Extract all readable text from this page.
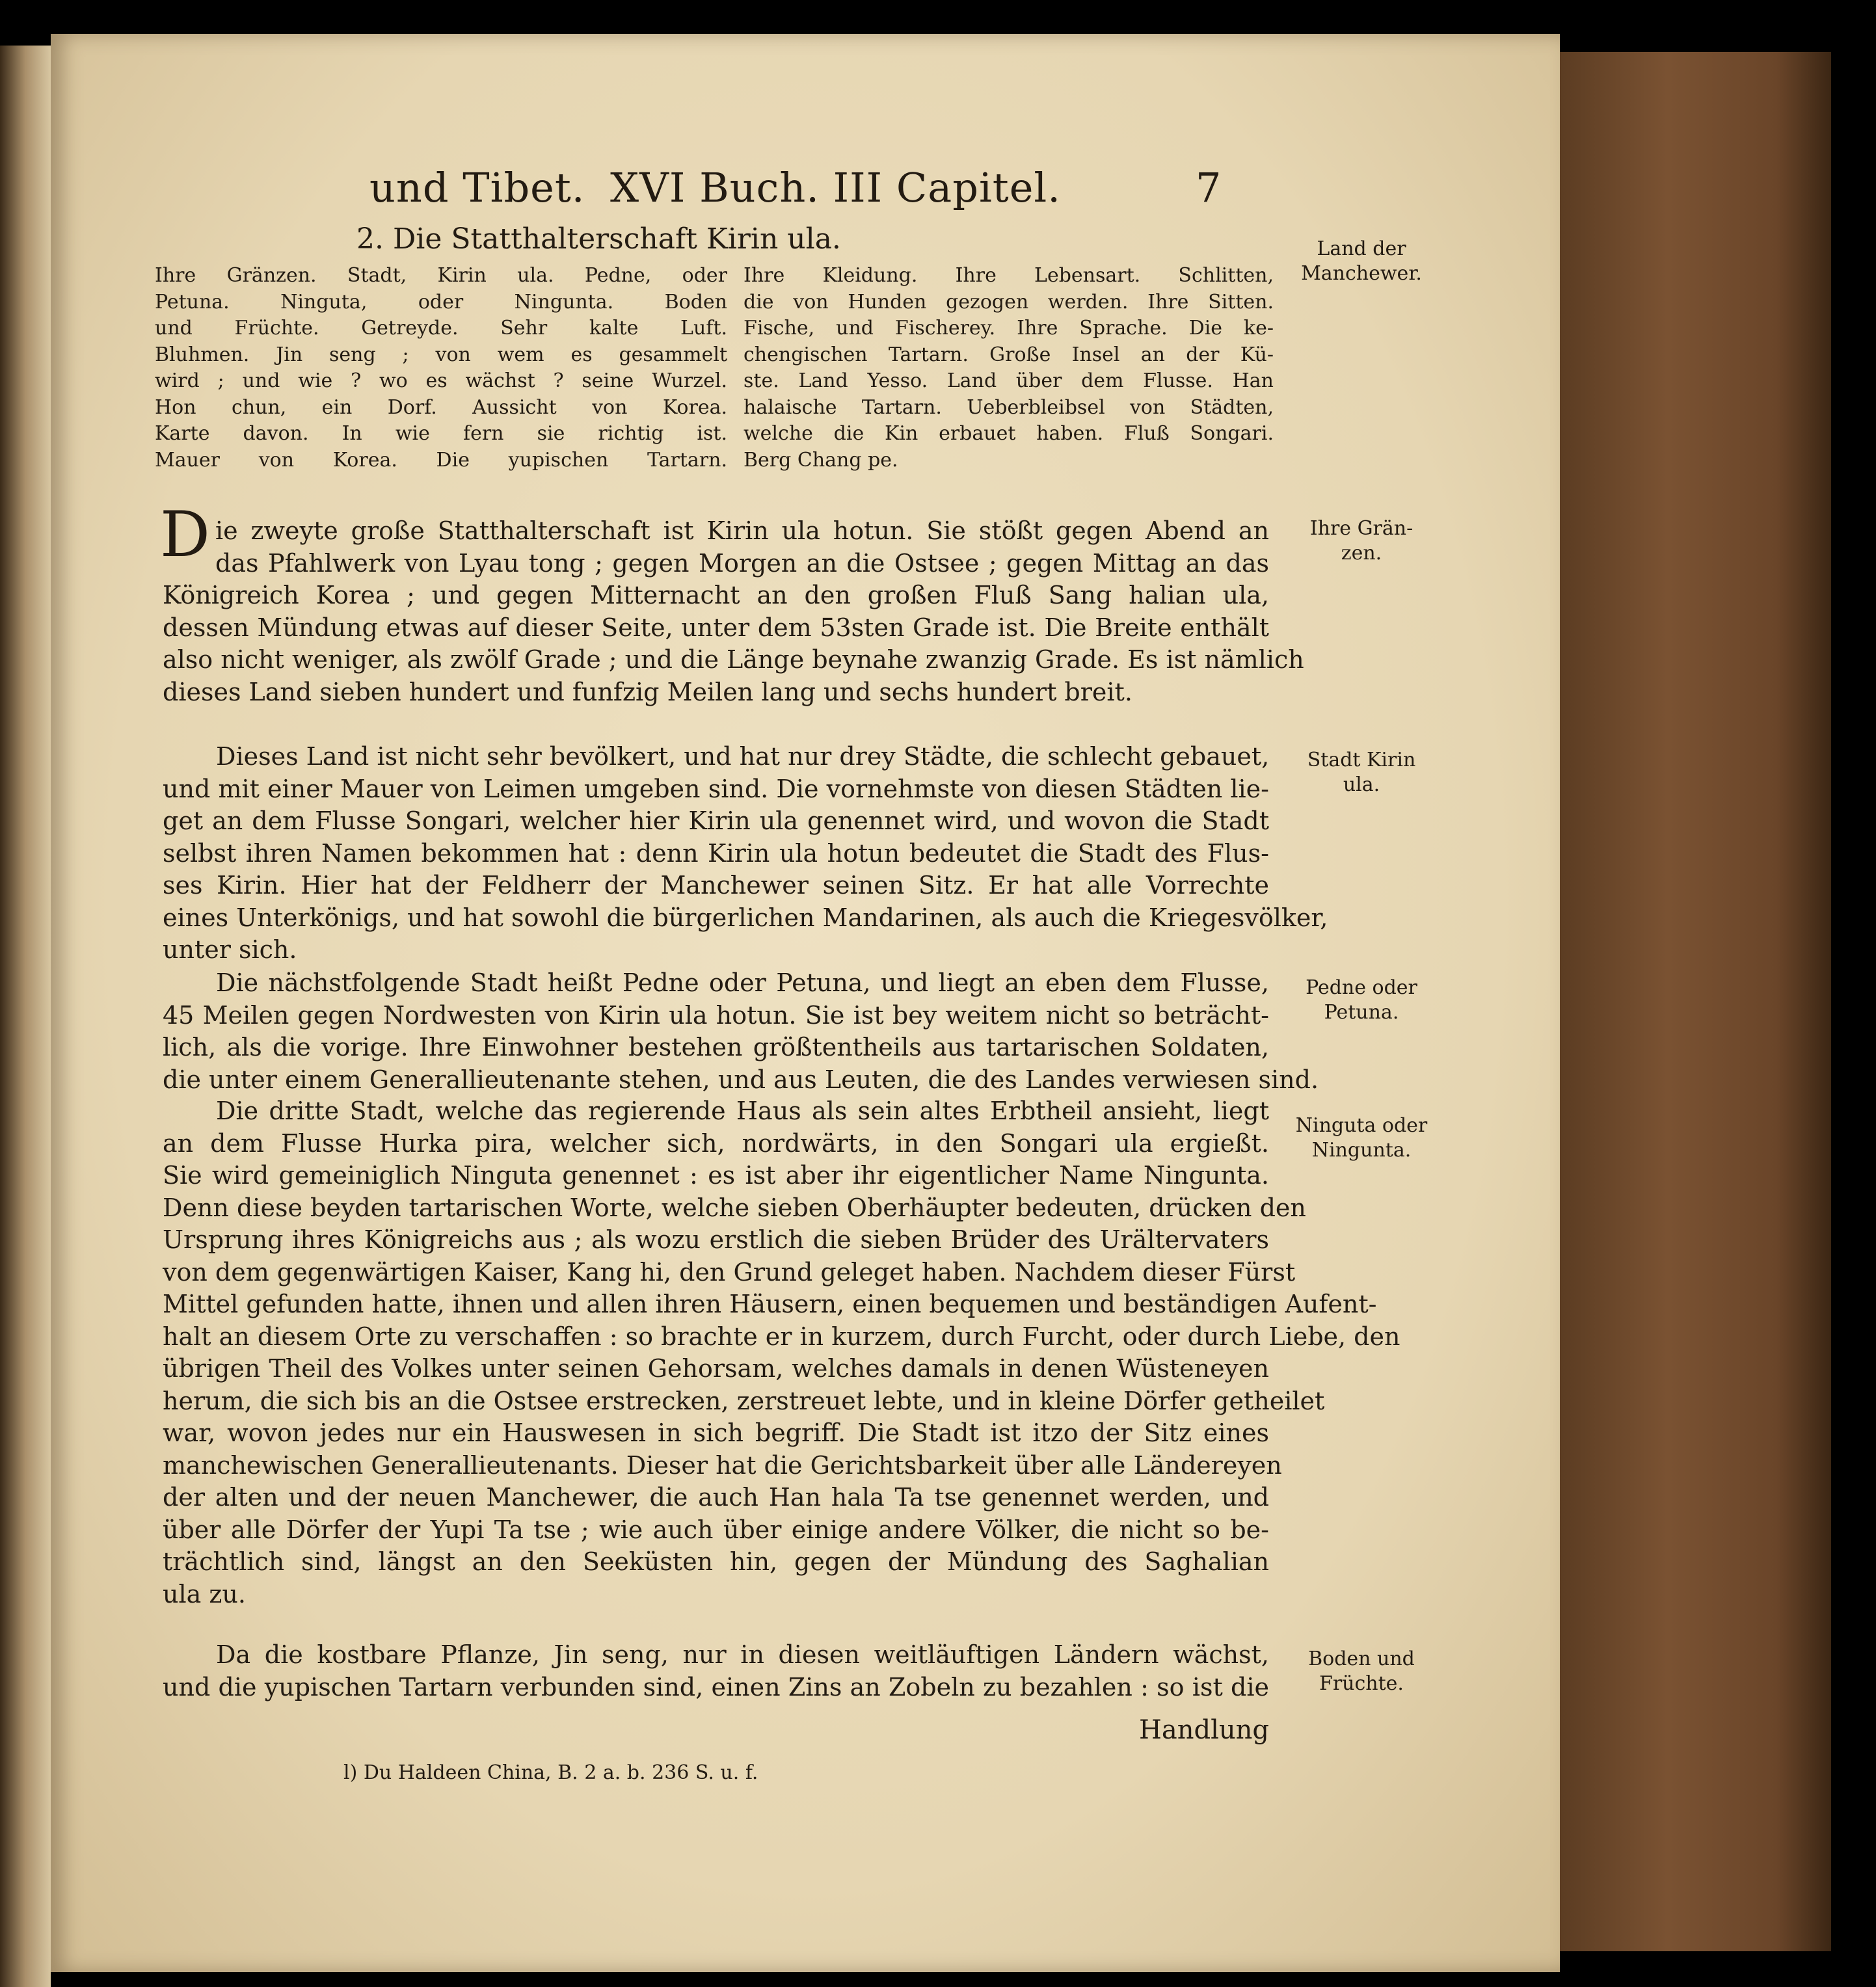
und Tibet. XVI Buch. III Capitel.	7
2. Die Statthalterschaft Kirin ula.
Ihre Gränzen. Stadt, Kirin ula. Pedne, oder
Petuna. Ninguta, oder Ningunta. Boden
und Früchte. Getreyde. Sehr kalte Luft.
Bluhmen. Jin seng ; von wem es gesammelt
wird ; und wie ? wo es wächst ? seine Wurzel.
Hon chun, ein Dorf. Aussicht von Korea.
Karte davon. In wie fern sie richtig ist.
Mauer von Korea. Die yupischen Tartarn.
Ihre Kleidung. Ihre Lebensart. Schlitten,
die von Hunden gezogen werden. Ihre Sitten.
Fische, und Fischerey. Ihre Sprache. Die ke-
chengischen Tartarn. Große Insel an der Kü-
ste. Land Yesso. Land über dem Flusse. Han
halaische Tartarn. Ueberbleibsel von Städten,
welche die Kin erbauet haben. Fluß Songari.
Berg Chang pe.
Land der
Manchewer.
D ie zweyte große Statthalterschaft ist Kirin ula hotun. Sie stößt gegen Abend an
das Pfahlwerk von Lyau tong ; gegen Morgen an die Ostsee ; gegen Mittag an das
Königreich Korea ; und gegen Mitternacht an den großen Fluß Sang halian ula,
dessen Mündung etwas auf dieser Seite, unter dem 53sten Grade ist. Die Breite enthält
also nicht weniger, als zwölf Grade ; und die Länge beynahe zwanzig Grade. Es ist nämlich
dieses Land sieben hundert und funfzig Meilen lang und sechs hundert breit.
Ihre Grän-
zen.
Dieses Land ist nicht sehr bevölkert, und hat nur drey Städte, die schlecht gebauet,
und mit einer Mauer von Leimen umgeben sind. Die vornehmste von diesen Städten lie-
get an dem Flusse Songari, welcher hier Kirin ula genennet wird, und wovon die Stadt
selbst ihren Namen bekommen hat : denn Kirin ula hotun bedeutet die Stadt des Flus-
ses Kirin. Hier hat der Feldherr der Manchewer seinen Sitz. Er hat alle Vorrechte
eines Unterkönigs, und hat sowohl die bürgerlichen Mandarinen, als auch die Kriegesvölker,
unter sich.
Stadt Kirin
ula.
Die nächstfolgende Stadt heißt Pedne oder Petuna, und liegt an eben dem Flusse,
45 Meilen gegen Nordwesten von Kirin ula hotun. Sie ist bey weitem nicht so beträcht-
lich, als die vorige. Ihre Einwohner bestehen größtentheils aus tartarischen Soldaten,
die unter einem Generallieutenante stehen, und aus Leuten, die des Landes verwiesen sind.
Pedne oder
Petuna.
Die dritte Stadt, welche das regierende Haus als sein altes Erbtheil ansieht, liegt
an dem Flusse Hurka pira, welcher sich, nordwärts, in den Songari ula ergießt.
Sie wird gemeiniglich Ninguta genennet : es ist aber ihr eigentlicher Name Ningunta.
Denn diese beyden tartarischen Worte, welche sieben Oberhäupter bedeuten, drücken den
Ursprung ihres Königreichs aus ; als wozu erstlich die sieben Brüder des Urältervaters
von dem gegenwärtigen Kaiser, Kang hi, den Grund geleget haben. Nachdem dieser Fürst
Mittel gefunden hatte, ihnen und allen ihren Häusern, einen bequemen und beständigen Aufent-
halt an diesem Orte zu verschaffen : so brachte er in kurzem, durch Furcht, oder durch Liebe, den
übrigen Theil des Volkes unter seinen Gehorsam, welches damals in denen Wüsteneyen
herum, die sich bis an die Ostsee erstrecken, zerstreuet lebte, und in kleine Dörfer getheilet
war, wovon jedes nur ein Hauswesen in sich begriff. Die Stadt ist itzo der Sitz eines
manchewischen Generallieutenants. Dieser hat die Gerichtsbarkeit über alle Ländereyen
der alten und der neuen Manchewer, die auch Han hala Ta tse genennet werden, und
über alle Dörfer der Yupi Ta tse ; wie auch über einige andere Völker, die nicht so be-
trächtlich sind, längst an den Seeküsten hin, gegen der Mündung des Saghalian
ula zu.
Ninguta oder
Ningunta.
Da die kostbare Pflanze, Jin seng, nur in diesen weitläuftigen Ländern wächst,
und die yupischen Tartarn verbunden sind, einen Zins an Zobeln zu bezahlen : so ist die
Boden und
Früchte.
Handlung
l) Du Haldeen China, B. 2 a. b. 236 S. u. f.
